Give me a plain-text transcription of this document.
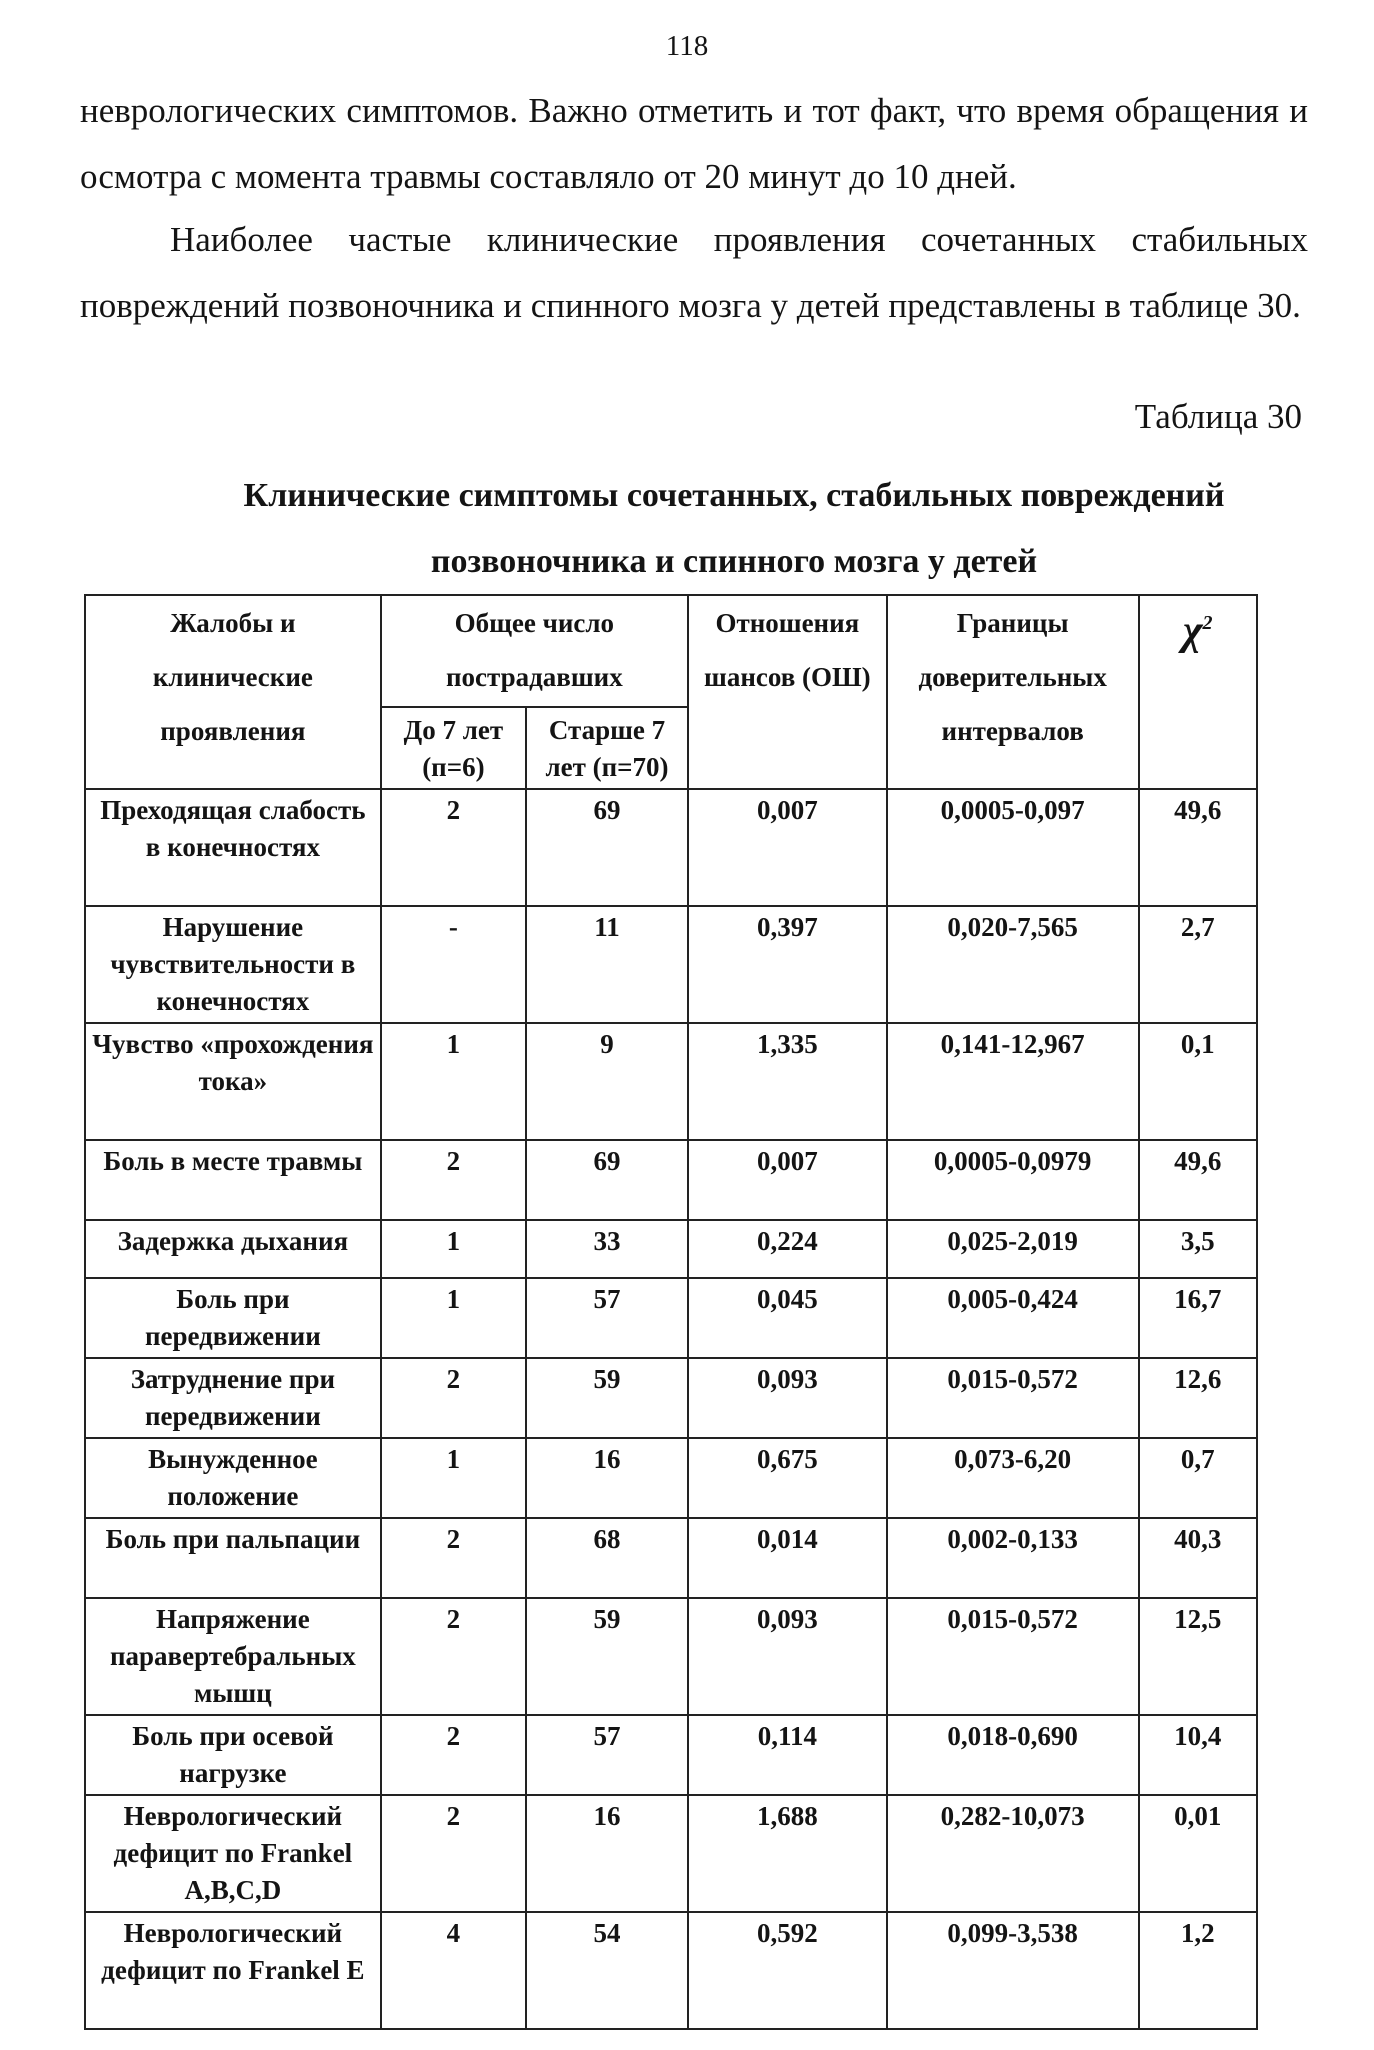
118

неврологических симптомов. Важно отметить и тот факт, что время обращения и осмотра с момента травмы составляло от 20 минут до 10 дней.

Наиболее частые клинические проявления сочетанных стабильных повреждений позвоночника и спинного мозга у детей представлены в таблице 30.

Таблица 30
Клинические симптомы сочетанных, стабильных повреждений
позвоночника и спинного мозга у детей
Жалобы и клинические проявления	Общее число пострадавших		Отношения шансов (ОШ)	Границы доверительных интервалов	$\chi^2$
	До 7 лет (п=6)	Старше 7 лет (п=70)			
Преходящая слабость в конечностях	2	69	0,007	0,0005-0,097	49,6
Нарушение чувствительности в конечностях	-	11	0,397	0,020-7,565	2,7
Чувство «прохождения тока»	1	9	1,335	0,141-12,967	0,1
Боль в месте травмы	2	69	0,007	0,0005-0,0979	49,6
Задержка дыхания	1	33	0,224	0,025-2,019	3,5
Боль при передвижении	1	57	0,045	0,005-0,424	16,7
Затруднение при передвижении	2	59	0,093	0,015-0,572	12,6
Вынужденное положение	1	16	0,675	0,073-6,20	0,7
Боль при пальпации	2	68	0,014	0,002-0,133	40,3
Напряжение паравертебральных мышц	2	59	0,093	0,015-0,572	12,5
Боль при осевой нагрузке	2	57	0,114	0,018-0,690	10,4
Неврологический дефицит по Frankel A,B,C,D	2	16	1,688	0,282-10,073	0,01
Неврологический дефицит по Frankel E	4	54	0,592	0,099-3,538	1,2
